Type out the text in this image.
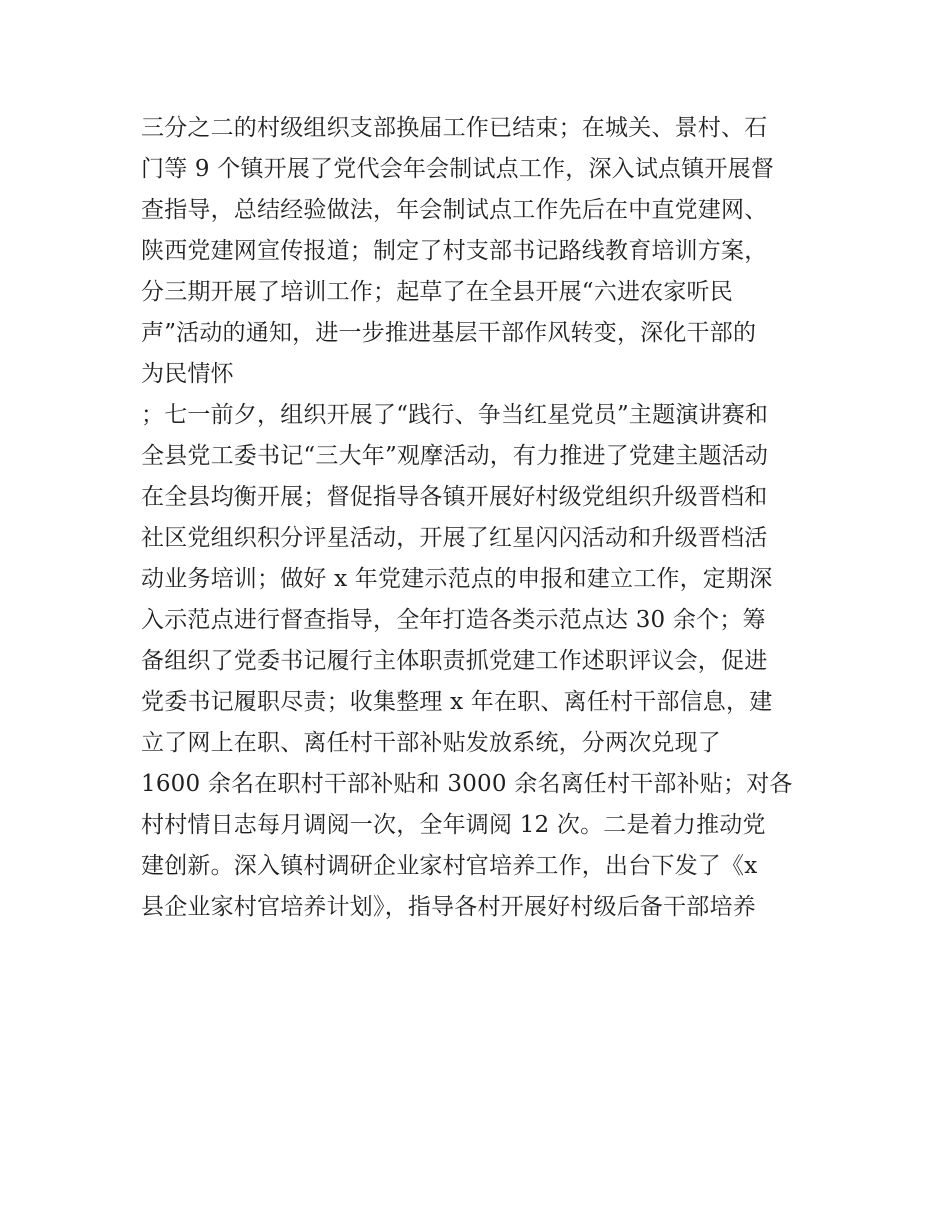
三分之二的村级组织支部换届工作已结束；在城关、景村、石
门等 9 个镇开展了党代会年会制试点工作，深入试点镇开展督
查指导，总结经验做法，年会制试点工作先后在中直党建网、
陕西党建网宣传报道；制定了村支部书记路线教育培训方案，
分三期开展了培训工作；起草了在全县开展“六进农家听民
声”活动的通知，进一步推进基层干部作风转变，深化干部的
为民情怀
；七一前夕，组织开展了“践行、争当红星党员”主题演讲赛和
全县党工委书记“三大年”观摩活动，有力推进了党建主题活动
在全县均衡开展；督促指导各镇开展好村级党组织升级晋档和
社区党组织积分评星活动，开展了红星闪闪活动和升级晋档活
动业务培训；做好 x 年党建示范点的申报和建立工作，定期深
入示范点进行督查指导，全年打造各类示范点达 30 余个；筹
备组织了党委书记履行主体职责抓党建工作述职评议会，促进
党委书记履职尽责；收集整理 x 年在职、离任村干部信息，建
立了网上在职、离任村干部补贴发放系统，分两次兑现了
1600 余名在职村干部补贴和 3000 余名离任村干部补贴；对各
村村情日志每月调阅一次，全年调阅 12 次。二是着力推动党
建创新。深入镇村调研企业家村官培养工作，出台下发了《x
县企业家村官培养计划》，指导各村开展好村级后备干部培养
